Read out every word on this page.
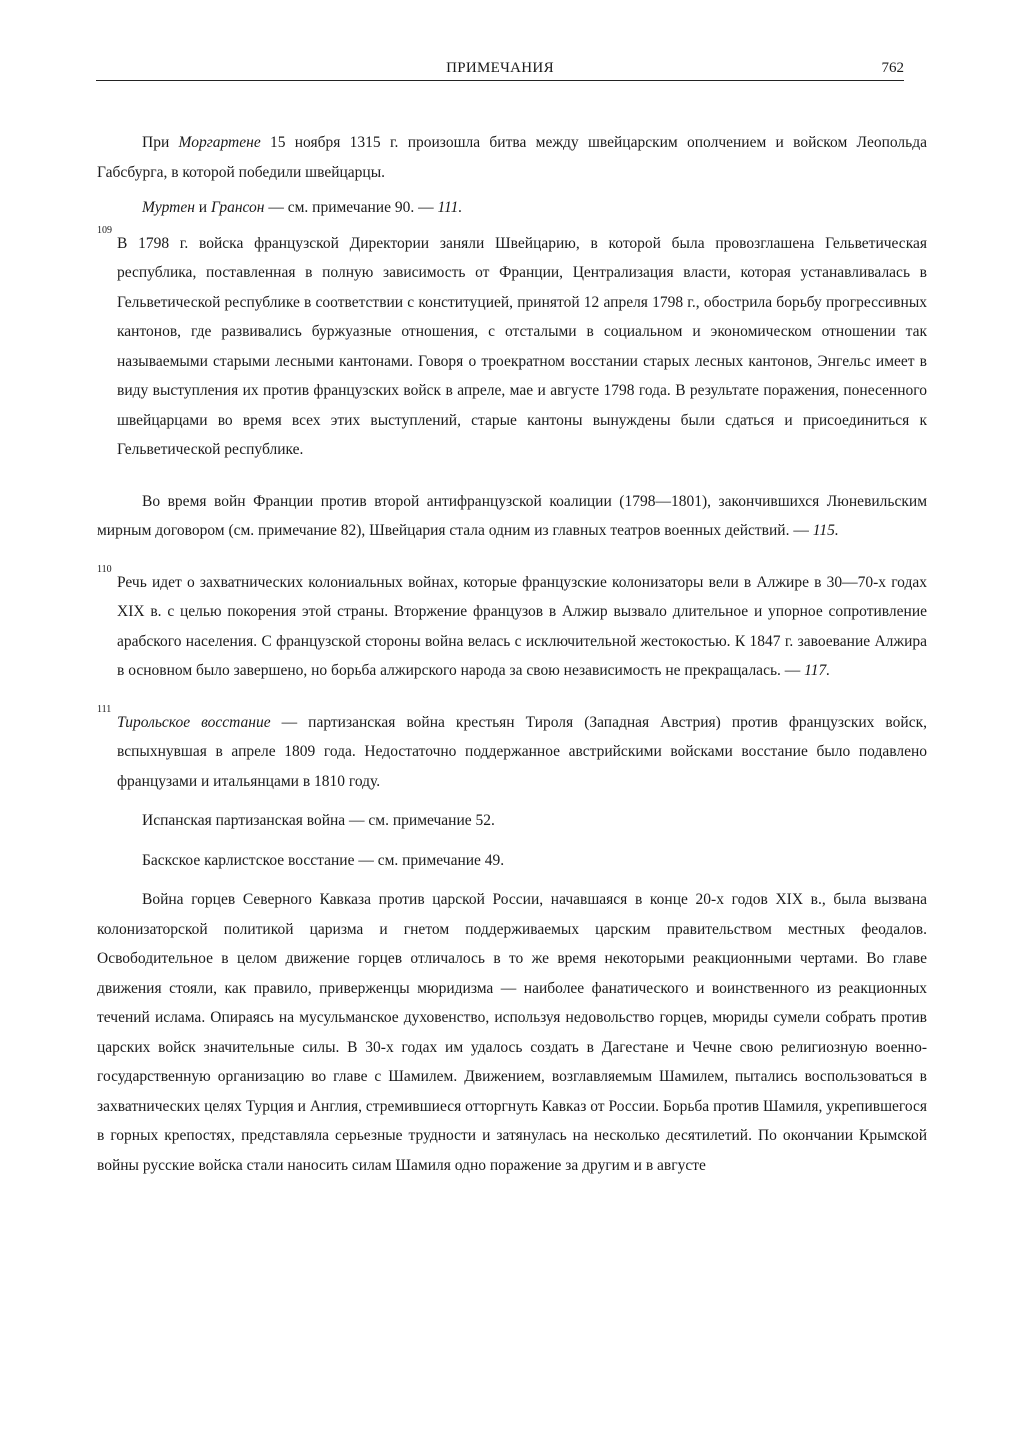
ПРИМЕЧАНИЯ	762

При Моргартене 15 ноября 1315 г. произошла битва между швейцарским ополчением и войском Леопольда Габсбурга, в которой победили швейцарцы.

Муртен и Грансон — см. примечание 90. — 111.

109
В 1798 г. войска французской Директории заняли Швейцарию, в которой была провозглашена Гельветическая республика, поставленная в полную зависимость от Франции, Централизация власти, которая устанавливалась в Гельветической республике в соответствии с конституцией, принятой 12 апреля 1798 г., обострила борьбу прогрессивных кантонов, где развивались буржуазные отношения, с отсталыми в социальном и экономическом отношении так называемыми старыми лесными кантонами. Говоря о троекратном восстании старых лесных кантонов, Энгельс имеет в виду выступления их против французских войск в апреле, мае и августе 1798 года. В результате поражения, понесенного швейцарцами во время всех этих выступлений, старые кантоны вынуждены были сдаться и присоединиться к Гельветической республике.

Во время войн Франции против второй антифранцузской коалиции (1798—1801), закончившихся Люневильским мирным договором (см. примечание 82), Швейцария стала одним из главных театров военных действий. — 115.

110
Речь идет о захватнических колониальных войнах, которые французские колонизаторы вели в Алжире в 30—70-х годах XIX в. с целью покорения этой страны. Вторжение французов в Алжир вызвало длительное и упорное сопротивление арабского населения. С французской стороны война велась с исключительной жестокостью. К 1847 г. завоевание Алжира в основном было завершено, но борьба алжирского народа за свою независимость не прекращалась. — 117.

111
Тирольское восстание — партизанская война крестьян Тироля (Западная Австрия) против французских войск, вспыхнувшая в апреле 1809 года. Недостаточно поддержанное австрийскими войсками восстание было подавлено французами и итальянцами в 1810 году.

Испанская партизанская война — см. примечание 52.

Баскское карлистское восстание — см. примечание 49.

Война горцев Северного Кавказа против царской России, начавшаяся в конце 20-х годов XIX в., была вызвана колонизаторской политикой царизма и гнетом поддерживаемых царским правительством местных феодалов. Освободительное в целом движение горцев отличалось в то же время некоторыми реакционными чертами. Во главе движения стояли, как правило, приверженцы мюридизма — наиболее фанатического и воинственного из реакционных течений ислама. Опираясь на мусульманское духовенство, используя недовольство горцев, мюриды сумели собрать против царских войск значительные силы. В 30-х годах им удалось создать в Дагестане и Чечне свою религиозную военно-государственную организацию во главе с Шамилем. Движением, возглавляемым Шамилем, пытались воспользоваться в захватнических целях Турция и Англия, стремившиеся отторгнуть Кавказ от России. Борьба против Шамиля, укрепившегося в горных крепостях, представляла серьезные трудности и затянулась на несколько десятилетий. По окончании Крымской войны русские войска стали наносить силам Шамиля одно поражение за другим и в августе
